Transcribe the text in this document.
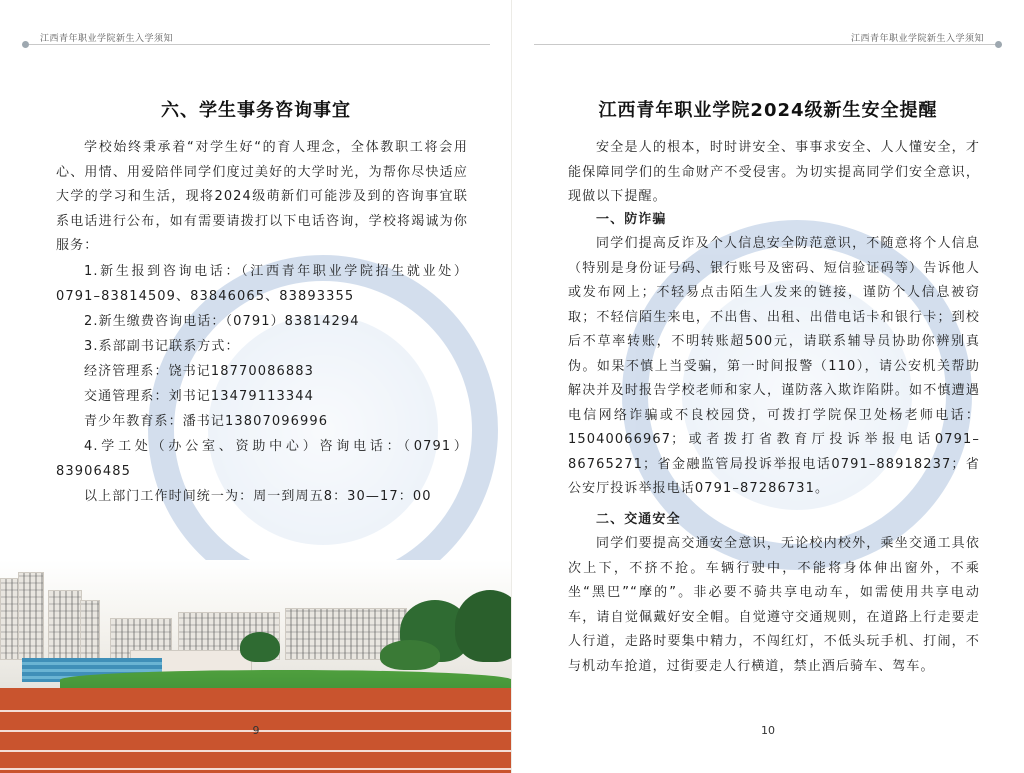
江西青年职业学院新生入学须知
六、学生事务咨询事宜
学校始终秉承着“对学生好“的育人理念，全体教职工将会用心、用情、用爱陪伴同学们度过美好的大学时光，为帮你尽快适应大学的学习和生活，现将2024级萌新们可能涉及到的咨询事宜联系电话进行公布，如有需要请拨打以下电话咨询，学校将竭诚为你服务：
1.新生报到咨询电话：（江西青年职业学院招生就业处）0791–83814509、83846065、83893355
2.新生缴费咨询电话：（0791）83814294
3.系部副书记联系方式：
经济管理系：饶书记18770086883
交通管理系：刘书记13479113344
青少年教育系：潘书记13807096996
4.学工处（办公室、资助中心）咨询电话：（0791）83906485
以上部门工作时间统一为：周一到周五8：30—17：00
9
江西青年职业学院新生入学须知
江西青年职业学院2024级新生安全提醒
安全是人的根本，时时讲安全、事事求安全、人人懂安全，才能保障同学们的生命财产不受侵害。为切实提高同学们安全意识，现做以下提醒。
一、防诈骗
同学们提高反诈及个人信息安全防范意识，不随意将个人信息（特别是身份证号码、银行账号及密码、短信验证码等）告诉他人或发布网上；不轻易点击陌生人发来的链接，谨防个人信息被窃取；不轻信陌生来电，不出售、出租、出借电话卡和银行卡；到校后不草率转账，不明转账超500元，请联系辅导员协助你辨别真伪。如果不慎上当受骗，第一时间报警（110），请公安机关帮助解决并及时报告学校老师和家人，谨防落入欺诈陷阱。如不慎遭遇电信网络诈骗或不良校园贷，可拨打学院保卫处杨老师电话：15040066967；或者拨打省教育厅投诉举报电话0791–86765271；省金融监管局投诉举报电话0791–88918237；省公安厅投诉举报电话0791–87286731。
二、交通安全
同学们要提高交通安全意识，无论校内校外，乘坐交通工具依次上下，不挤不抢。车辆行驶中，不能将身体伸出窗外，不乘坐“黑巴”“摩的”。非必要不骑共享电动车，如需使用共享电动车，请自觉佩戴好安全帽。自觉遵守交通规则，在道路上行走要走人行道，走路时要集中精力，不闯红灯，不低头玩手机、打闹，不与机动车抢道，过街要走人行横道，禁止酒后骑车、驾车。
10
